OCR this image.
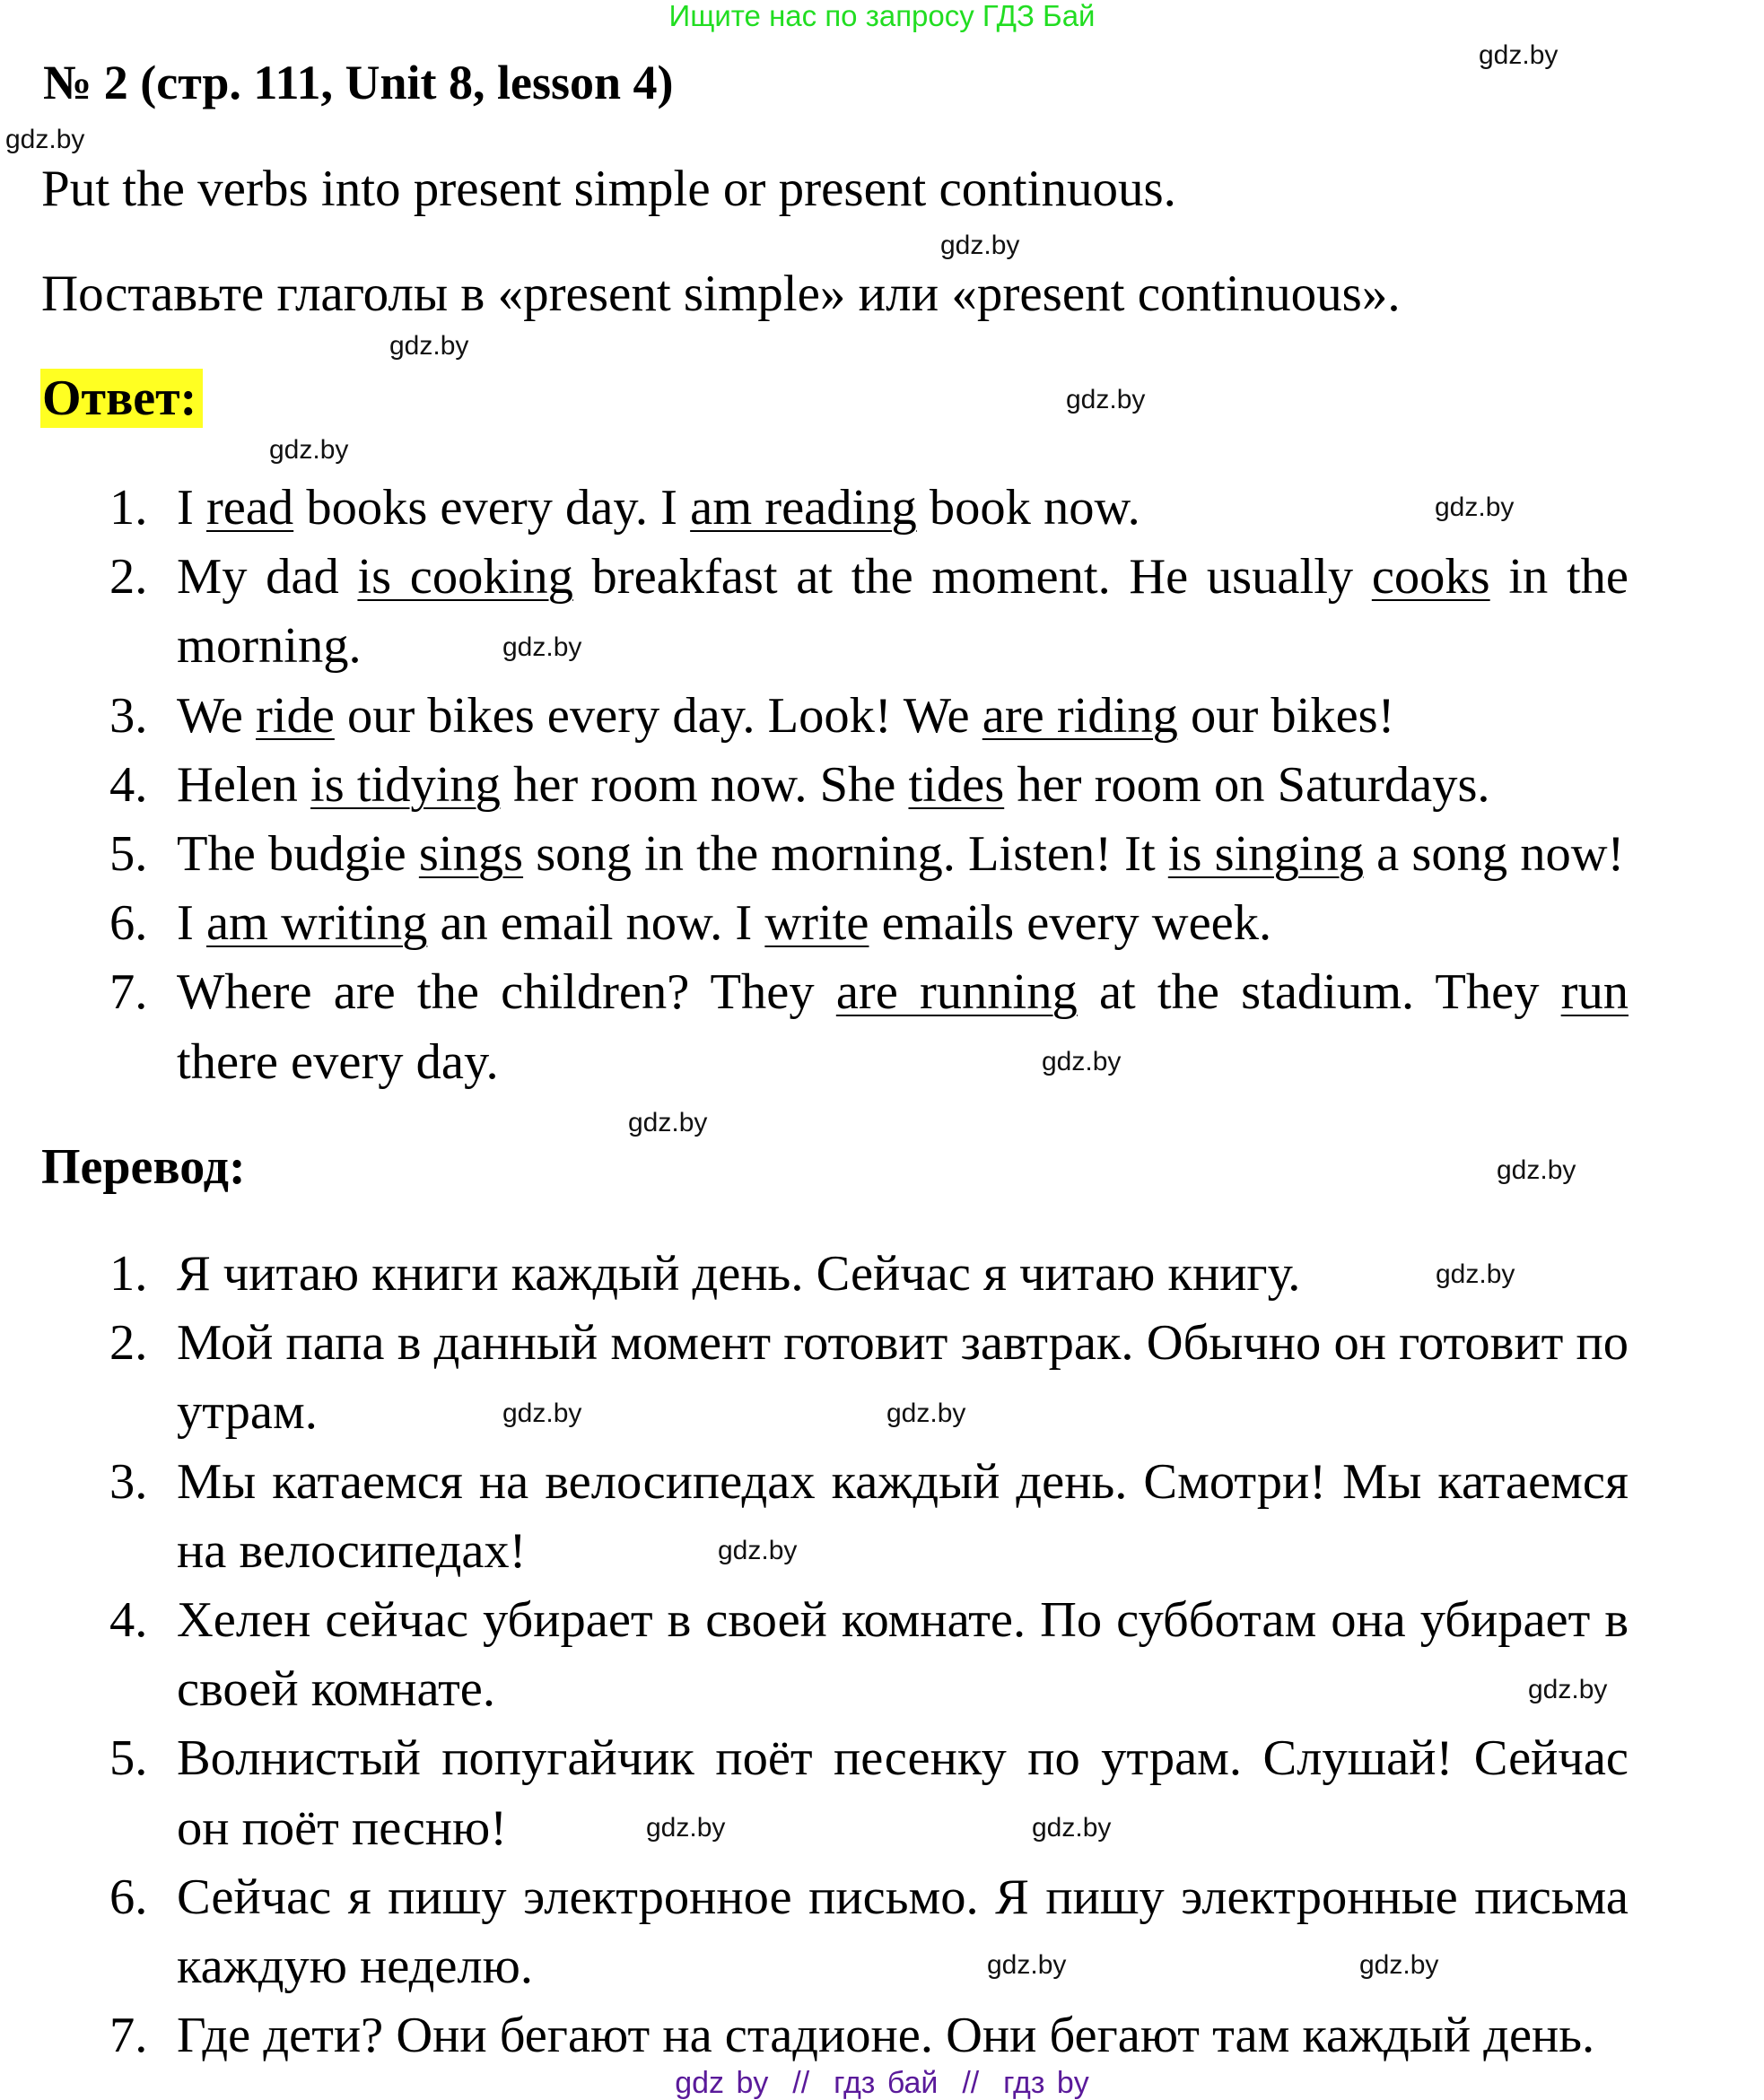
Ищите нас по запросу ГДЗ Бай
№ 2 (стр. 111, Unit 8, lesson 4)
Put the verbs into present simple or present continuous.
Поставьте глаголы в «present simple» или «present continuous».
Ответ:
1. I read books every day. I am reading book now.
2. My dad is cooking breakfast at the moment. He usually cooks in the morning.
3. We ride our bikes every day. Look! We are riding our bikes!
4. Helen is tidying her room now. She tides her room on Saturdays.
5. The budgie sings song in the morning. Listen! It is singing a song now!
6. I am writing an email now. I write emails every week.
7. Where are the children? They are running at the stadium. They run there every day.
Перевод:
1. Я читаю книги каждый день. Сейчас я читаю книгу.
2. Мой папа в данный момент готовит завтрак. Обычно он готовит по утрам.
3. Мы катаемся на велосипедах каждый день. Смотри! Мы катаемся на велосипедах!
4. Хелен сейчас убирает в своей комнате. По субботам она убирает в своей комнате.
5. Волнистый попугайчик поёт песенку по утрам. Слушай! Сейчас он поёт песню!
6. Сейчас я пишу электронное письмо. Я пишу электронные письма каждую неделю.
7. Где дети? Они бегают на стадионе. Они бегают там каждый день.
gdz.by
gdz.by
gdz.by
gdz.by
gdz.by
gdz.by
gdz.by
gdz.by
gdz.by
gdz.by
gdz.by
gdz.by
gdz.by	gdz.by
gdz.by
gdz.by
gdz.by	gdz.by
gdz.by
gdz.by
gdz by  //  гдз бай  //  гдз by
